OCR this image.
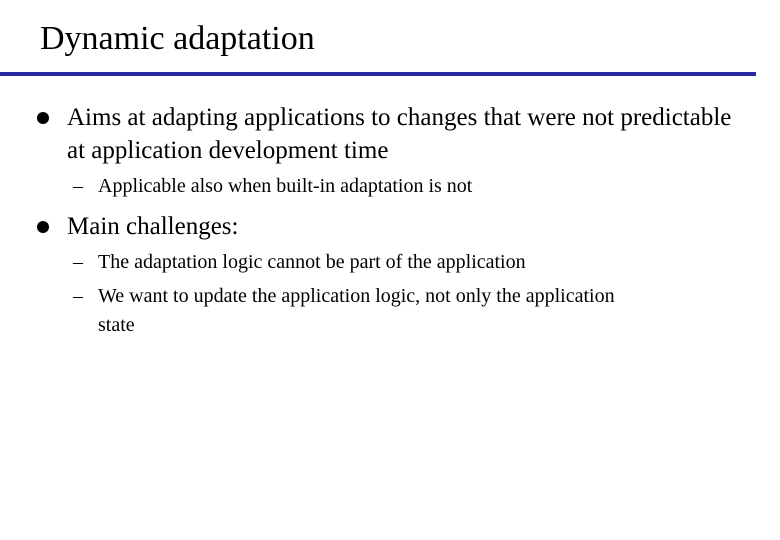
Dynamic adaptation
Aims at adapting applications to changes that were not predictable at application development time
– Applicable also when built-in adaptation is not
Main challenges:
– The adaptation logic cannot be part of the application
– We want to update the application logic, not only the application state
